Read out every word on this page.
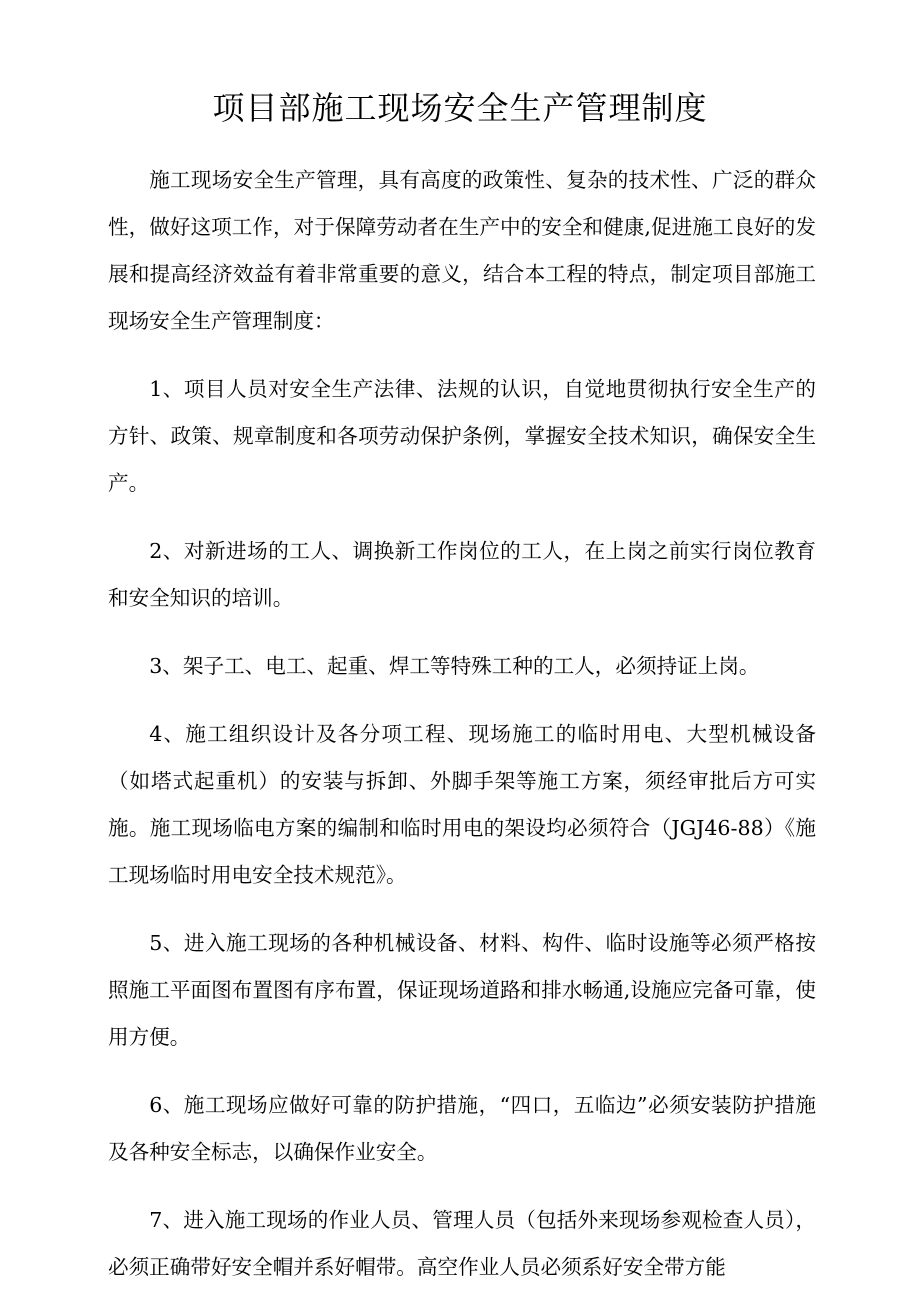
项目部施工现场安全生产管理制度

施工现场安全生产管理，具有高度的政策性、复杂的技术性、广泛的群众性，做好这项工作，对于保障劳动者在生产中的安全和健康,促进施工良好的发展和提高经济效益有着非常重要的意义，结合本工程的特点，制定项目部施工现场安全生产管理制度：

1、项目人员对安全生产法律、法规的认识，自觉地贯彻执行安全生产的方针、政策、规章制度和各项劳动保护条例，掌握安全技术知识，确保安全生产。

2、对新进场的工人、调换新工作岗位的工人，在上岗之前实行岗位教育和安全知识的培训。

3、架子工、电工、起重、焊工等特殊工种的工人，必须持证上岗。

4、施工组织设计及各分项工程、现场施工的临时用电、大型机械设备（如塔式起重机）的安装与拆卸、外脚手架等施工方案，须经审批后方可实施。施工现场临电方案的编制和临时用电的架设均必须符合（JGJ46-88）《施工现场临时用电安全技术规范》。

5、进入施工现场的各种机械设备、材料、构件、临时设施等必须严格按照施工平面图布置图有序布置，保证现场道路和排水畅通,设施应完备可靠，使用方便。

6、施工现场应做好可靠的防护措施，“四口，五临边”必须安装防护措施及各种安全标志，以确保作业安全。

7、进入施工现场的作业人员、管理人员（包括外来现场参观检查人员），必须正确带好安全帽并系好帽带。高空作业人员必须系好安全带方能
